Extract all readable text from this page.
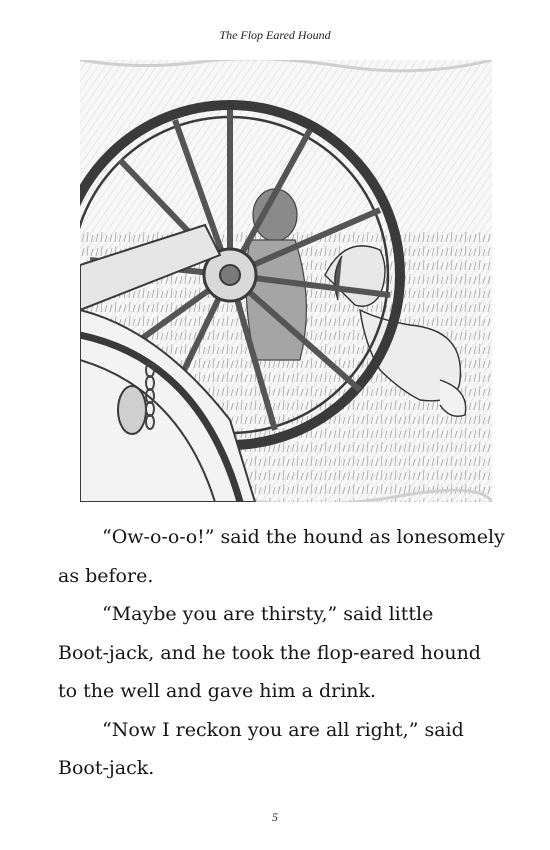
The Flop Eared Hound

“Ow-o-o-o!” said the hound as lonesomely
as before.

“Maybe you are thirsty,” said little
Boot-jack, and he took the flop-eared hound
to the well and gave him a drink.

“Now I reckon you are all right,” said
Boot-jack.

5
